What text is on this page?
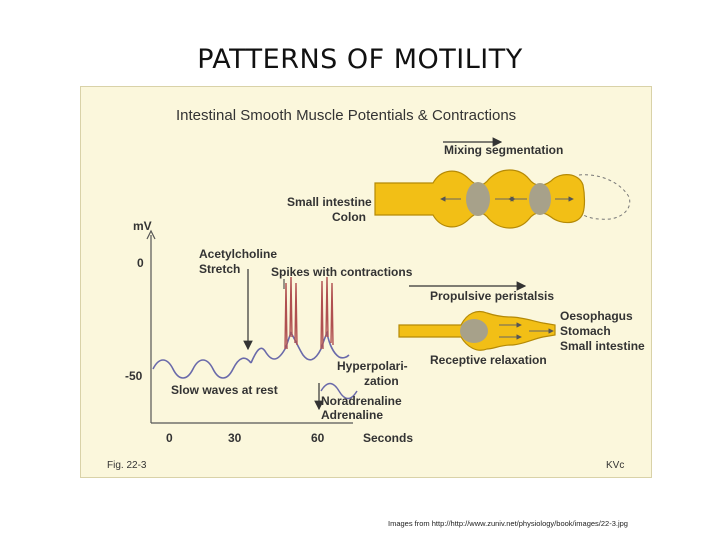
PATTERNS OF MOTILITY
Intestinal Smooth Muscle Potentials & Contractions
Mixing segmentation
Small intestine
Colon
Propulsive peristalsis
Receptive relaxation
Oesophagus
Stomach
Small intestine
mV
0
-50
0	30	60	Seconds
Acetylcholine
Stretch	Spikes with contractions
Slow waves at rest
Hyperpolari-
zation
Noradrenaline
Adrenaline
Fig. 22-3	KVc
Images from http://http://www.zuniv.net/physiology/book/images/22-3.jpg
